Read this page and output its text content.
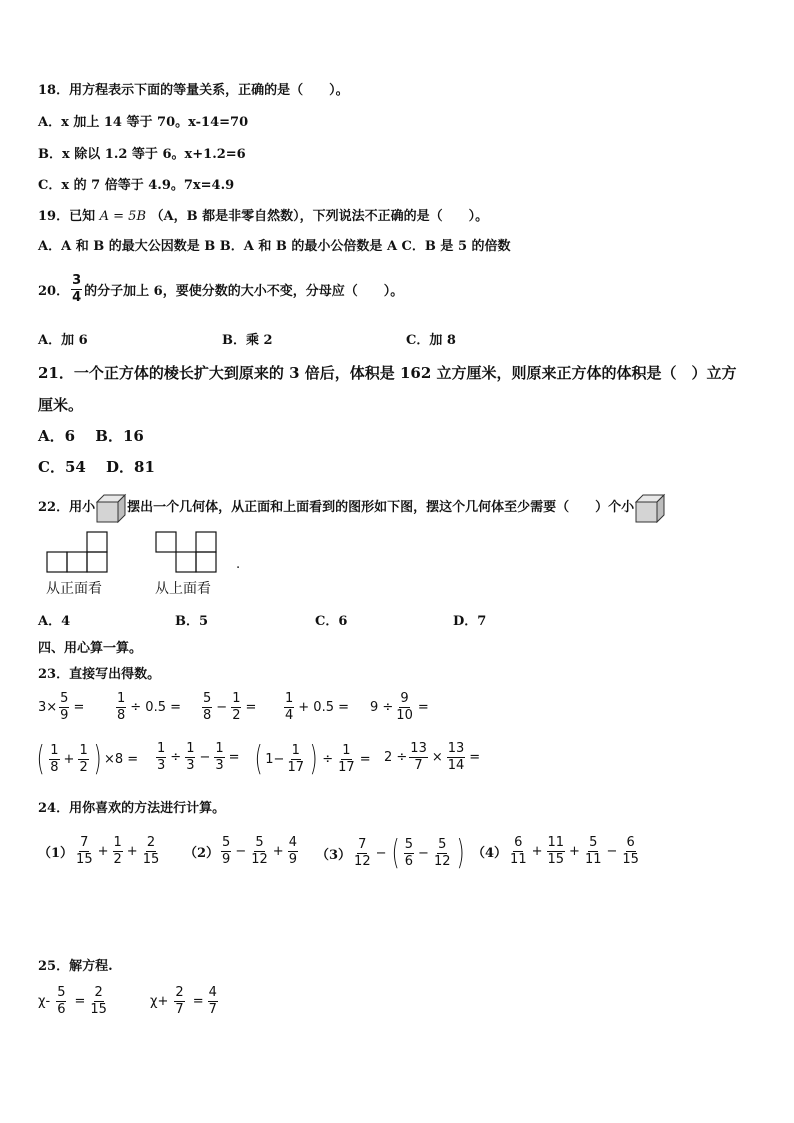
18．用方程表示下面的等量关系，正确的是（　　）。
A．x 加上 14 等于 70。x-14=70
B．x 除以 1.2 等于 6。x+1.2=6
C．x 的 7 倍等于 4.9。7x=4.9
19．已知 A = 5B （A，B 都是非零自然数），下列说法不正确的是（　　）。
A．A 和 B 的最大公因数是 B B．A 和 B 的最小公倍数是 A C．B 是 5 的倍数
20． $\frac{3}{4}$ 的分子加上 6，要使分数的大小不变，分母应（　　）。
A．加 6	B．乘 2	C．加 8
21．一个正方体的棱长扩大到原来的 3 倍后，体积是 162 立方厘米，则原来正方体的体积是（　）立方
厘米。
A．6　 B．16
C．54　 D．81
22．用小 摆出一个几何体，从正面和上面看到的图形如下图，摆这个几何体至少需要（　　）个小
从正面看	从上面看
.
A．4	B．5	C．6	D．7
四、用心算一算。
23．直接写出得数。
$3\times \frac{5}{9} = \frac{1}{8} \div 0.5 = \frac{5}{8} - \frac{1}{2} = \frac{1}{4} + 0.5 = 9 \div \frac{9}{10}$ =
( $\frac{1}{8} + \frac{1}{2}$ ) $\times 8 = \frac{1}{3} \div \frac{1}{3} - \frac{1}{3}$ = ( $1- \frac{1}{17}$ ) ÷ $\frac{1}{17} = 2 \div \frac{13}{7} \times \frac{13}{14}$ =
24．用你喜欢的方法进行计算。
$(1) \frac{7}{15} + \frac{1}{2} + \frac{2}{15} (2) \frac{5}{9} - \frac{5}{12} + \frac{4}{9} (3) \frac{7}{12}$ − ( $\frac{5}{6} - \frac{5}{12}$ ) $(4) \frac{6}{11} + \frac{11}{15} + \frac{5}{11} - \frac{6}{15}$
25．解方程.
$\chi- \frac{5}{6} = \frac{2}{15}$	$\chi+ \frac{2}{7} = \frac{4}{7}$
